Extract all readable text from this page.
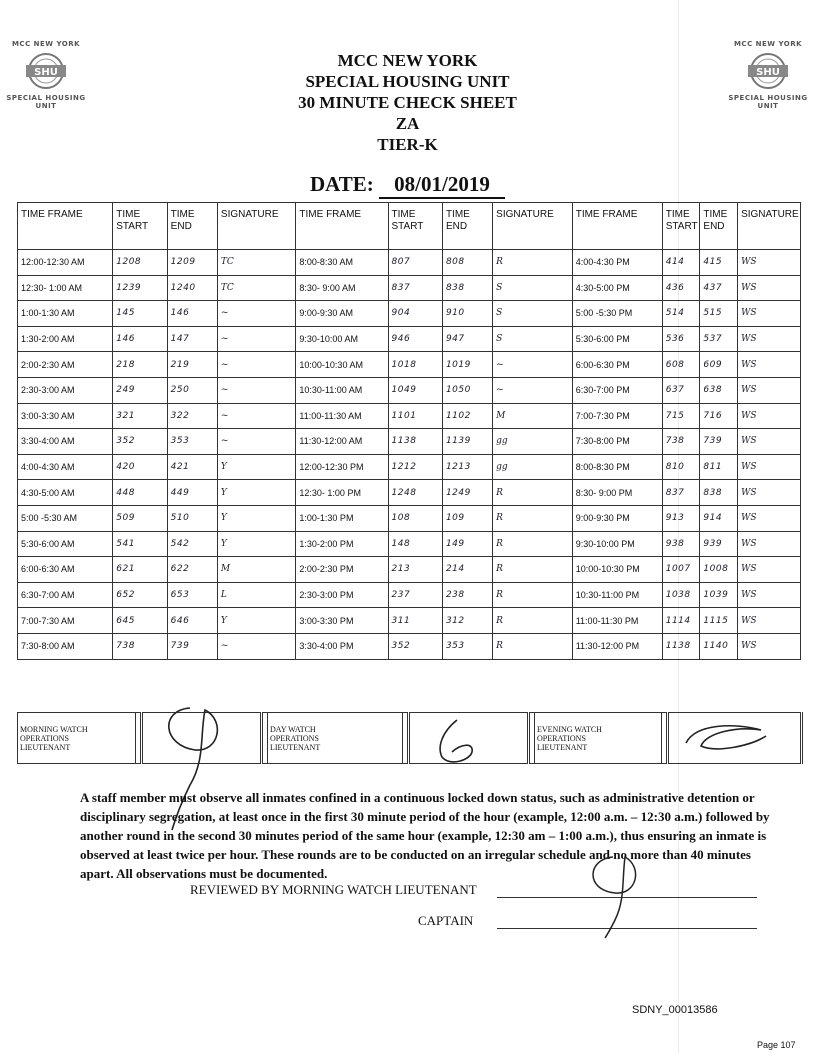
MCC NEW YORK
SHU
SPECIAL HOUSING UNIT
MCC NEW YORK
SHU
SPECIAL HOUSING UNIT
MCC NEW YORK
SPECIAL HOUSING UNIT
30 MINUTE CHECK SHEET
ZA
TIER-K
DATE: 08/01/2019
TIME FRAME	TIME START	TIME END	SIGNATURE	TIME FRAME	TIME START	TIME END	SIGNATURE	TIME FRAME	TIME START	TIME END	SIGNATURE
12:00-12:30 AM	1208	1209	TC	8:00-8:30 AM	807	808	R	4:00-4:30 PM	414	415	WS
12:30- 1:00 AM	1239	1240	TC	8:30- 9:00 AM	837	838	S	4:30-5:00 PM	436	437	WS
1:00-1:30 AM	145	146	~	9:00-9:30 AM	904	910	S	5:00 -5:30 PM	514	515	WS
1:30-2:00 AM	146	147	~	9:30-10:00 AM	946	947	S	5:30-6:00 PM	536	537	WS
2:00-2:30 AM	218	219	~	10:00-10:30 AM	1018	1019	~	6:00-6:30 PM	608	609	WS
2:30-3:00 AM	249	250	~	10:30-11:00 AM	1049	1050	~	6:30-7:00 PM	637	638	WS
3:00-3:30 AM	321	322	~	11:00-11:30 AM	1101	1102	M	7:00-7:30 PM	715	716	WS
3:30-4:00 AM	352	353	~	11:30-12:00 AM	1138	1139	gg	7:30-8:00 PM	738	739	WS
4:00-4:30 AM	420	421	Y	12:00-12:30 PM	1212	1213	gg	8:00-8:30 PM	810	811	WS
4:30-5:00 AM	448	449	Y	12:30- 1:00 PM	1248	1249	R	8:30- 9:00 PM	837	838	WS
5:00 -5:30 AM	509	510	Y	1:00-1:30 PM	108	109	R	9:00-9:30 PM	913	914	WS
5:30-6:00 AM	541	542	Y	1:30-2:00 PM	148	149	R	9:30-10:00 PM	938	939	WS
6:00-6:30 AM	621	622	M	2:00-2:30 PM	213	214	R	10:00-10:30 PM	1007	1008	WS
6:30-7:00 AM	652	653	L	2:30-3:00 PM	237	238	R	10:30-11:00 PM	1038	1039	WS
7:00-7:30 AM	645	646	Y	3:00-3:30 PM	311	312	R	11:00-11:30 PM	1114	1115	WS
7:30-8:00 AM	738	739	~	3:30-4:00 PM	352	353	R	11:30-12:00 PM	1138	1140	WS
MORNING WATCH
OPERATIONS
LIEUTENANT				DAY WATCH
OPERATIONS
LIEUTENANT				EVENING WATCH
OPERATIONS
LIEUTENANT		
A staff member must observe all inmates confined in a continuous locked down status, such as administrative detention or disciplinary segregation, at least once in the first 30 minute period of the hour (example, 12:00 a.m. – 12:30 a.m.) followed by another round in the second 30 minutes period of the same hour (example, 12:30 am – 1:00 a.m.), thus ensuring an inmate is observed at least twice per hour. These rounds are to be conducted on an irregular schedule and no more than 40 minutes apart. All observations must be documented.
REVIEWED BY MORNING WATCH LIEUTENANT
CAPTAIN
SDNY_00013586
Page 107
